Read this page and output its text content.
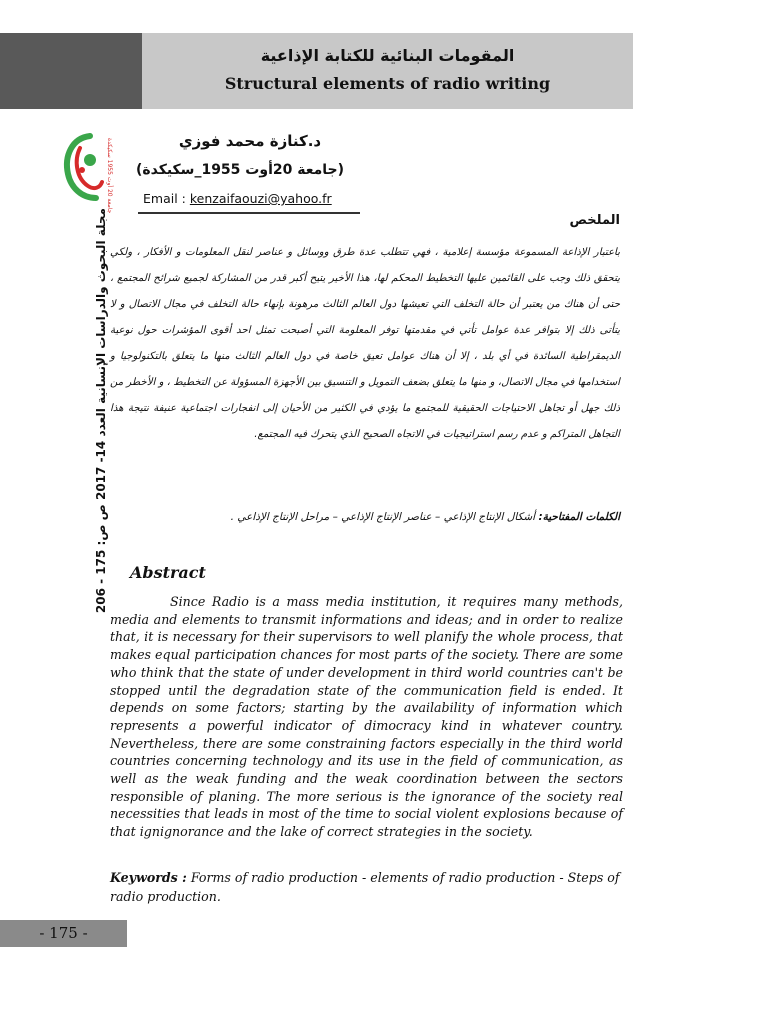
المقومات البنائية للكتابة الإذاعية
Structural elements of radio writing
جامعة 20 أوت 1955 سكيكدة
د.كنازة محمد فوزي
(جامعة 20أوت 1955_سكيكدة)
Email : kenzaifaouzi@yahoo.fr
مجلة البحوث والدراسات الإنسانية العدد 14- 2017 ص ص: 175 - 206	الملخص
باعتبار الإذاعة المسموعة مؤسسة إعلامية ، فهي تتطلب عدة طرق ووسائل و عناصر لنقل المعلومات و الأفكار ، ولكي يتحقق ذلك وجب على القائمين عليها التخطيط المحكم لها، هذا الأخير يتيح أكبر قدر من المشاركة لجميع شرائح المجتمع ، حتى أن هناك من يعتبر أن حالة التخلف التي تعيشها دول العالم الثالث مرهونة بإنهاء حالة التخلف في مجال الاتصال و لا يتأتى ذلك إلا بتوافر عدة عوامل تأتي في مقدمتها توفر المعلومة التي أصبحت تمثل احد أقوى المؤشرات حول نوعية الديمقراطية السائدة في أي بلد ، إلا أن هناك عوامل تعيق خاصة في دول العالم الثالث منها ما يتعلق بالتكنولوجيا و استخدامها في مجال الاتصال، و منها ما يتعلق بضعف التمويل و التنسيق بين الأجهزة المسؤولة عن التخطيط ، و الأخطر من ذلك جهل أو تجاهل الاحتياجات الحقيقية للمجتمع ما يؤدي في الكثير من الأحيان إلى انفجارات اجتماعية عنيفة نتيجة هذا التجاهل المتراكم و عدم رسم استراتيجيات في الاتجاه الصحيح الذي يتحرك فيه المجتمع.
الكلمات المفتاحية: أشكال الإنتاج الإذاعي – عناصر الإنتاج الإذاعي – مراحل الإنتاج الإذاعي .
Abstract
Since Radio is a mass media institution, it requires many methods, media and elements to transmit informations and ideas; and in order to realize that, it is necessary for their supervisors to well planify the whole process, that makes equal participation chances for most parts of the society. There are some who think that the state of under development in third world countries can't be stopped until the degradation state of the communication field is ended. It depends on some factors; starting by the availability of information which represents a powerful indicator of dimocracy kind in whatever country. Nevertheless, there are some constraining factors especially in the third world countries concerning technology and its use in the field of communication, as well as the weak funding and the weak coordination between the sectors responsible of planing. The more serious is the ignorance of the society real necessities that leads in most of the time to social violent explosions because of that ignignorance and the lake of correct strategies in the society.
Keywords : Forms of radio production - elements of radio production - Steps of radio production.
- 175 -
